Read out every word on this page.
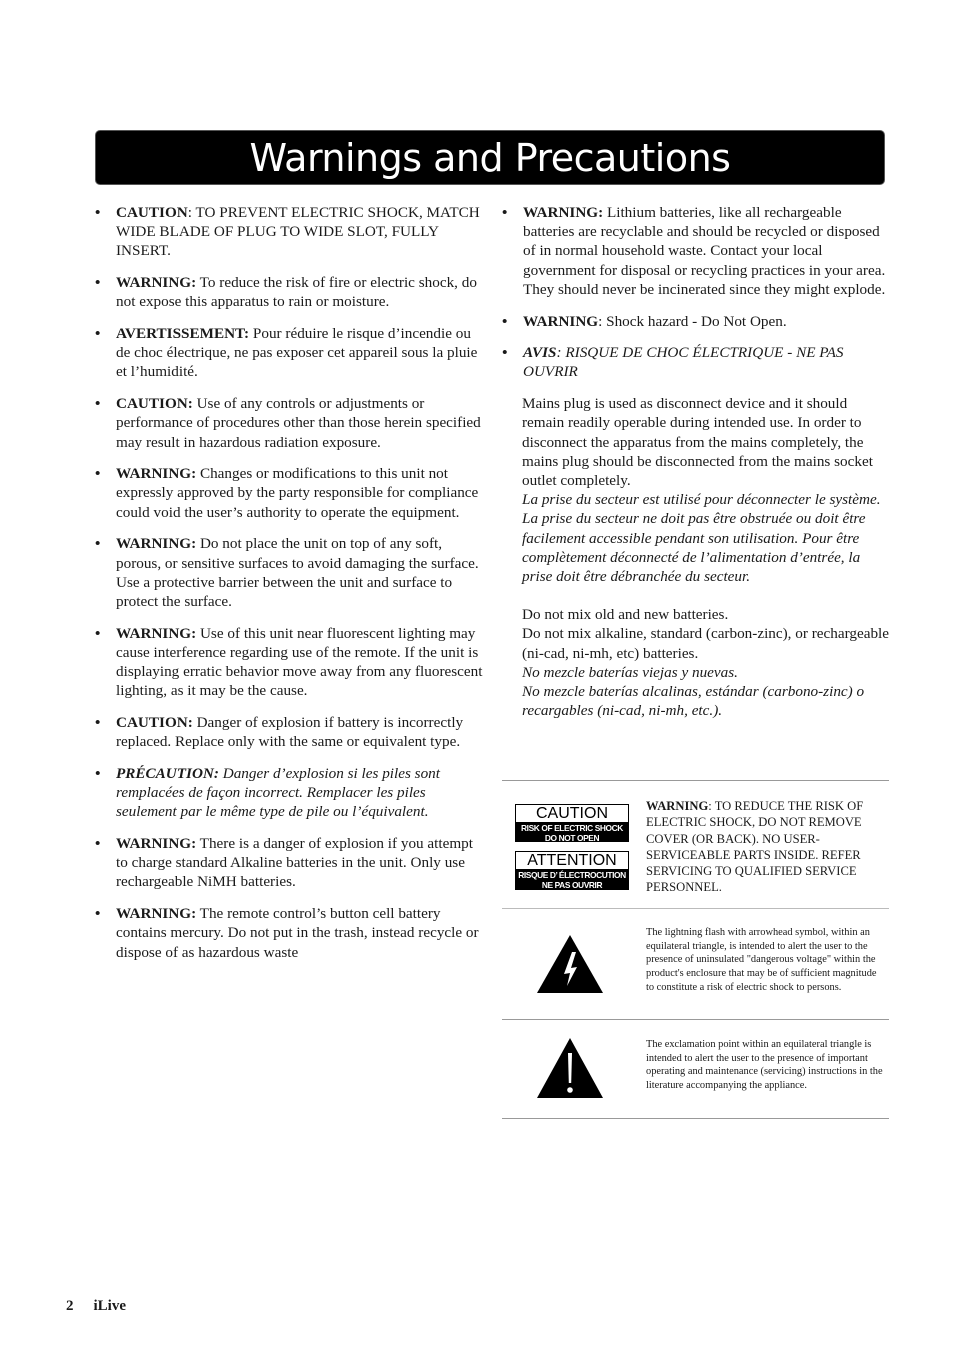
Warnings and Precautions
• CAUTION: TO PREVENT ELECTRIC SHOCK, MATCH WIDE BLADE OF PLUG TO WIDE SLOT, FULLY INSERT.
• WARNING: To reduce the risk of fire or electric shock, do not expose this apparatus to rain or moisture.
• AVERTISSEMENT: Pour réduire le risque d’incendie ou de choc électrique, ne pas exposer cet appareil sous la pluie et l’humidité.
• CAUTION: Use of any controls or adjustments or performance of procedures other than those herein specified may result in hazardous radiation exposure.
• WARNING: Changes or modifications to this unit not expressly approved by the party responsible for compliance could void the user’s authority to operate the equipment.
• WARNING: Do not place the unit on top of any soft, porous, or sensitive surfaces to avoid damaging the surface. Use a protective barrier between the unit and surface to protect the surface.
• WARNING: Use of this unit near fluorescent lighting may cause interference regarding use of the remote. If the unit is displaying erratic behavior move away from any fluorescent lighting, as it may be the cause.
• CAUTION: Danger of explosion if battery is incorrectly replaced. Replace only with the same or equivalent type.
• PRÉCAUTION: Danger d’explosion si les piles sont remplacées de façon incorrect. Remplacer les piles seulement par le même type de pile ou l’équivalent.
• WARNING: There is a danger of explosion if you attempt to charge standard Alkaline batteries in the unit. Only use rechargeable NiMH batteries.
• WARNING: The remote control’s button cell battery contains mercury. Do not put in the trash, instead recycle or dispose of as hazardous waste
• WARNING: Lithium batteries, like all rechargeable batteries are recyclable and should be recycled or disposed of in normal household waste. Contact your local government for disposal or recycling practices in your area. They should never be incinerated since they might explode.
• WARNING: Shock hazard - Do Not Open.
• AVIS: RISQUE DE CHOC ÉLECTRIQUE - NE PAS OUVRIR
Mains plug is used as disconnect device and it should remain readily operable during intended use. In order to disconnect the apparatus from the mains completely, the mains plug should be disconnected from the mains socket outlet completely.
La prise du secteur est utilisé pour déconnecter le système.
La prise du secteur ne doit pas être obstruée ou doit être facilement accessible pendant son utilisation. Pour être complètement déconnecté de l’alimentation d’entrée, la prise doit être débranchée du secteur.
Do not mix old and new batteries.
Do not mix alkaline, standard (carbon-zinc), or rechargeable (ni-cad, ni-mh, etc) batteries.
No mezcle baterías viejas y nuevas.
No mezcle baterías alcalinas, estándar (carbono-zinc) o recargables (ni-cad, ni-mh, etc.).
CAUTION
RISK OF ELECTRIC SHOCK
DO NOT OPEN
ATTENTION
RISQUE D’ ÉLECTROCUTION
NE PAS OUVRIR
WARNING: TO REDUCE THE RISK OF ELECTRIC SHOCK, DO NOT REMOVE COVER (OR BACK). NO USER-SERVICEABLE PARTS INSIDE. REFER SERVICING TO QUALIFIED SERVICE PERSONNEL.
The lightning flash with arrowhead symbol, within an equilateral triangle, is intended to alert the user to the presence of uninsulated "dangerous voltage" within the product's enclosure that may be of sufficient magnitude to constitute a risk of electric shock to persons.
The exclamation point within an equilateral triangle is intended to alert the user to the presence of important operating and maintenance (servicing) instructions in the literature accompanying the appliance.
2 iLive
